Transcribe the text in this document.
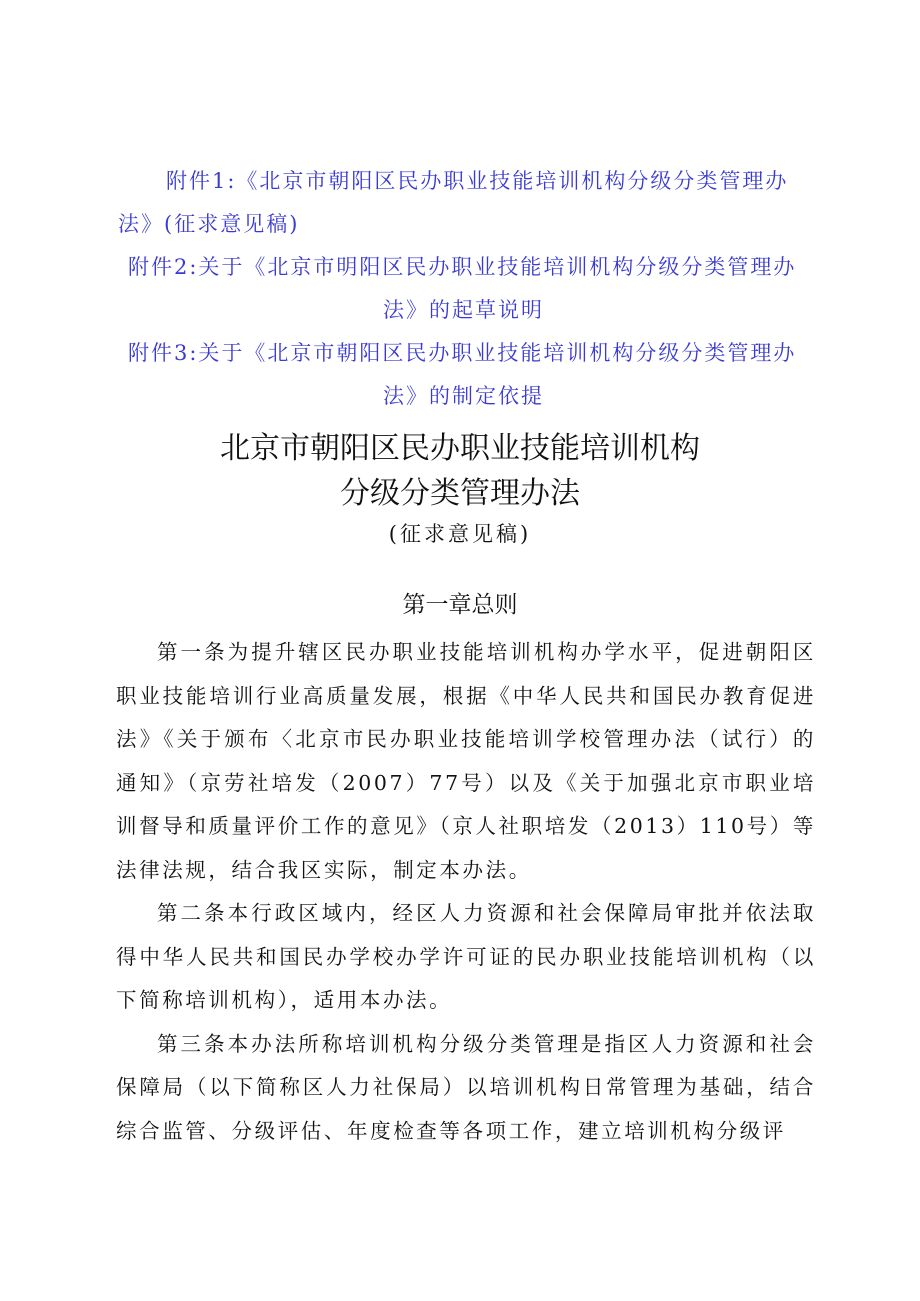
附件1:《北京市朝阳区民办职业技能培训机构分级分类管理办
法》(征求意见稿)
附件2:关于《北京市明阳区民办职业技能培训机构分级分类管理办
法》的起草说明
附件3:关于《北京市朝阳区民办职业技能培训机构分级分类管理办
法》的制定依提
北京市朝阳区民办职业技能培训机构
分级分类管理办法
(征求意见稿)
第一章总则

第一条为提升辖区民办职业技能培训机构办学水平，促进朝阳区职业技能培训行业高质量发展，根据《中华人民共和国民办教育促进法》《关于颁布〈北京市民办职业技能培训学校管理办法（试行）的通知》（京劳社培发（2007）77号）以及《关于加强北京市职业培训督导和质量评价工作的意见》（京人社职培发（2013）110号）等法律法规，结合我区实际，制定本办法。

第二条本行政区域内，经区人力资源和社会保障局审批并依法取得中华人民共和国民办学校办学许可证的民办职业技能培训机构（以下简称培训机构），适用本办法。

第三条本办法所称培训机构分级分类管理是指区人力资源和社会保障局（以下简称区人力社保局）以培训机构日常管理为基础，结合综合监管、分级评估、年度检查等各项工作，建立培训机构分级评
